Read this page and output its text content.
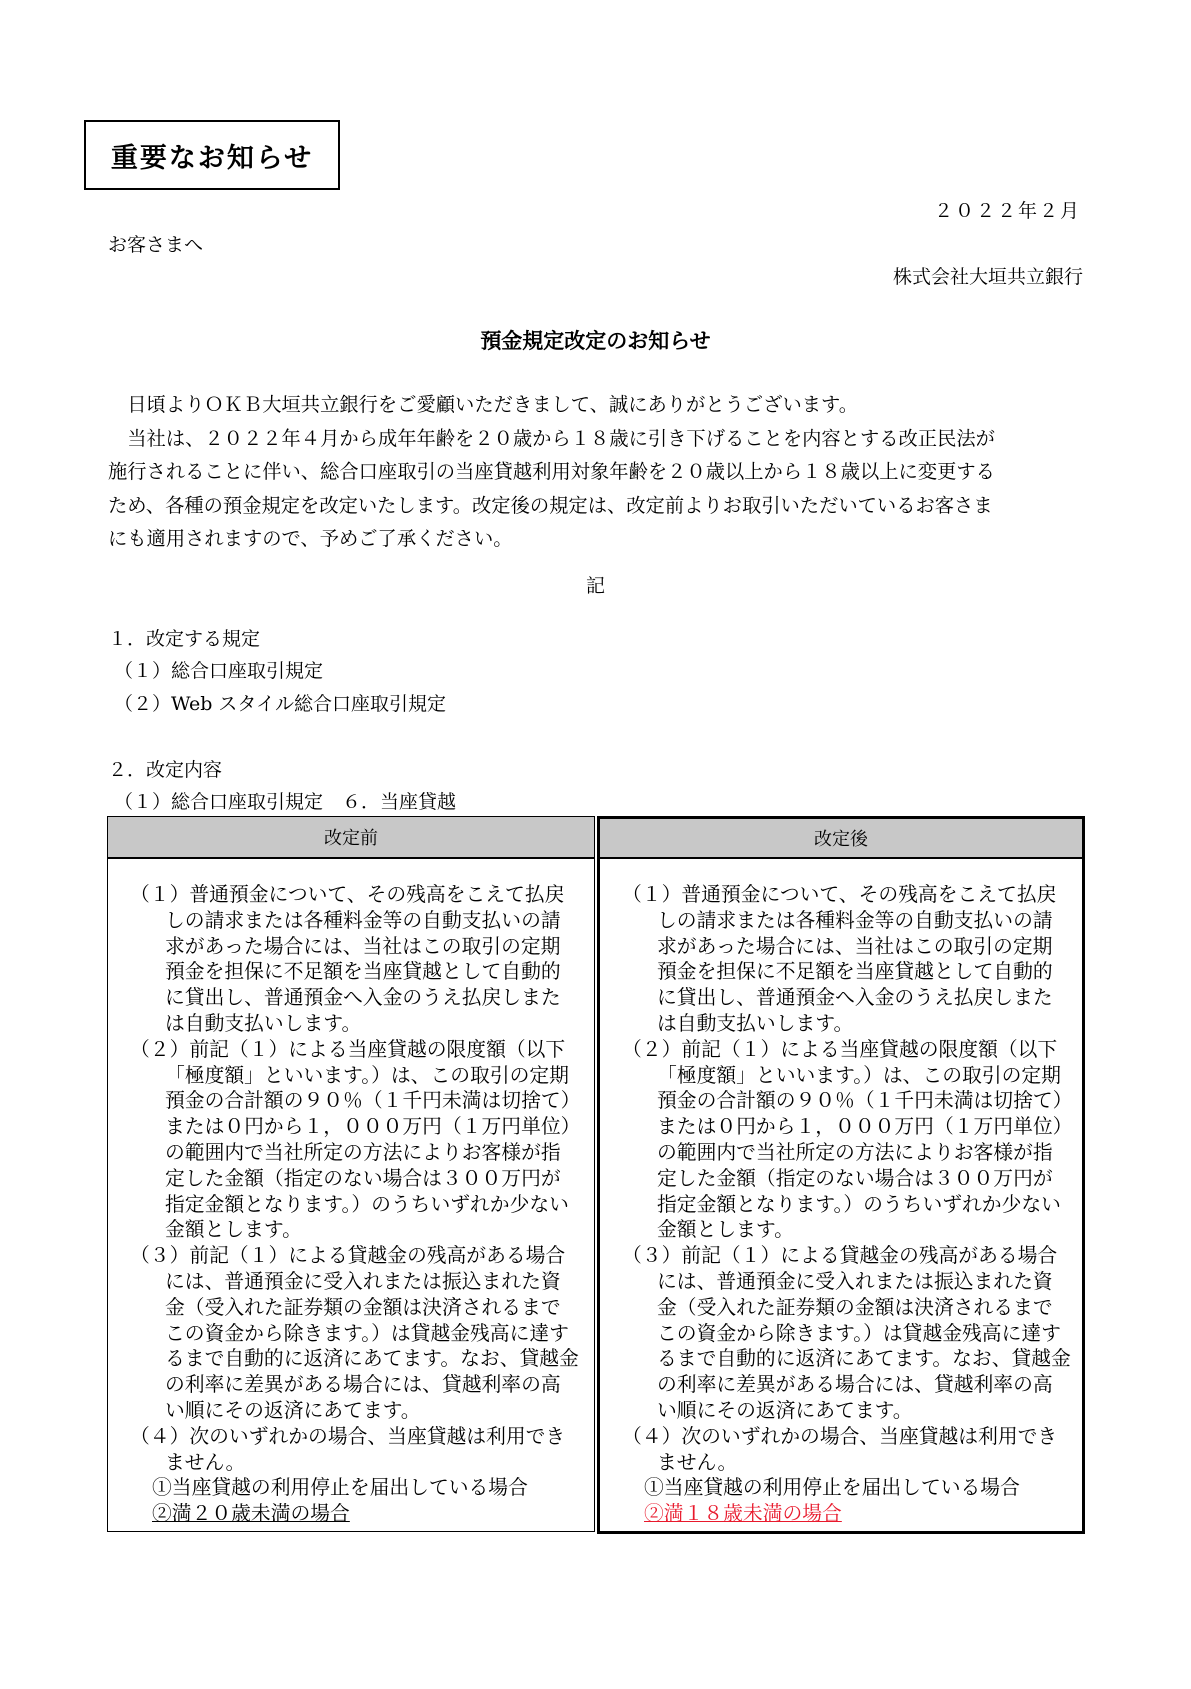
重要なお知らせ
２０２２年２月
お客さまへ
株式会社大垣共立銀行
預金規定改定のお知らせ

　日頃よりＯＫＢ大垣共立銀行をご愛顧いただきまして、誠にありがとうございます。

　当社は、２０２２年４月から成年年齢を２０歳から１８歳に引き下げることを内容とする改正民法が

施行されることに伴い、総合口座取引の当座貸越利用対象年齢を２０歳以上から１８歳以上に変更する

ため、各種の預金規定を改定いたします。改定後の規定は、改定前よりお取引いただいているお客さま

にも適用されますので、予めご了承ください。

記
１．改定する規定
（１）総合口座取引規定
（２）Web スタイル総合口座取引規定
２．改定内容
（１）総合口座取引規定　６．当座貸越
改定前

（１）普通預金について、その残高をこえて払戻しの請求または各種料金等の自動支払いの請求があった場合には、当社はこの取引の定期預金を担保に不足額を当座貸越として自動的に貸出し、普通預金へ入金のうえ払戻しまたは自動支払いします。

（２）前記（１）による当座貸越の限度額（以下「極度額」といいます。）は、この取引の定期預金の合計額の９０％（１千円未満は切捨て）または０円から１，０００万円（１万円単位）の範囲内で当社所定の方法によりお客様が指定した金額（指定のない場合は３００万円が指定金額となります。）のうちいずれか少ない金額とします。

（３）前記（１）による貸越金の残高がある場合には、普通預金に受入れまたは振込まれた資金（受入れた証券類の金額は決済されるまでこの資金から除きます。）は貸越金残高に達するまで自動的に返済にあてます。なお、貸越金の利率に差異がある場合には、貸越利率の高い順にその返済にあてます。

（４）次のいずれかの場合、当座貸越は利用できません。

①当座貸越の利用停止を届出している場合

②満２０歳未満の場合

改定後

（１）普通預金について、その残高をこえて払戻しの請求または各種料金等の自動支払いの請求があった場合には、当社はこの取引の定期預金を担保に不足額を当座貸越として自動的に貸出し、普通預金へ入金のうえ払戻しまたは自動支払いします。

（２）前記（１）による当座貸越の限度額（以下「極度額」といいます。）は、この取引の定期預金の合計額の９０％（１千円未満は切捨て）または０円から１，０００万円（１万円単位）の範囲内で当社所定の方法によりお客様が指定した金額（指定のない場合は３００万円が指定金額となります。）のうちいずれか少ない金額とします。

（３）前記（１）による貸越金の残高がある場合には、普通預金に受入れまたは振込まれた資金（受入れた証券類の金額は決済されるまでこの資金から除きます。）は貸越金残高に達するまで自動的に返済にあてます。なお、貸越金の利率に差異がある場合には、貸越利率の高い順にその返済にあてます。

（４）次のいずれかの場合、当座貸越は利用できません。

①当座貸越の利用停止を届出している場合

②満１８歳未満の場合
